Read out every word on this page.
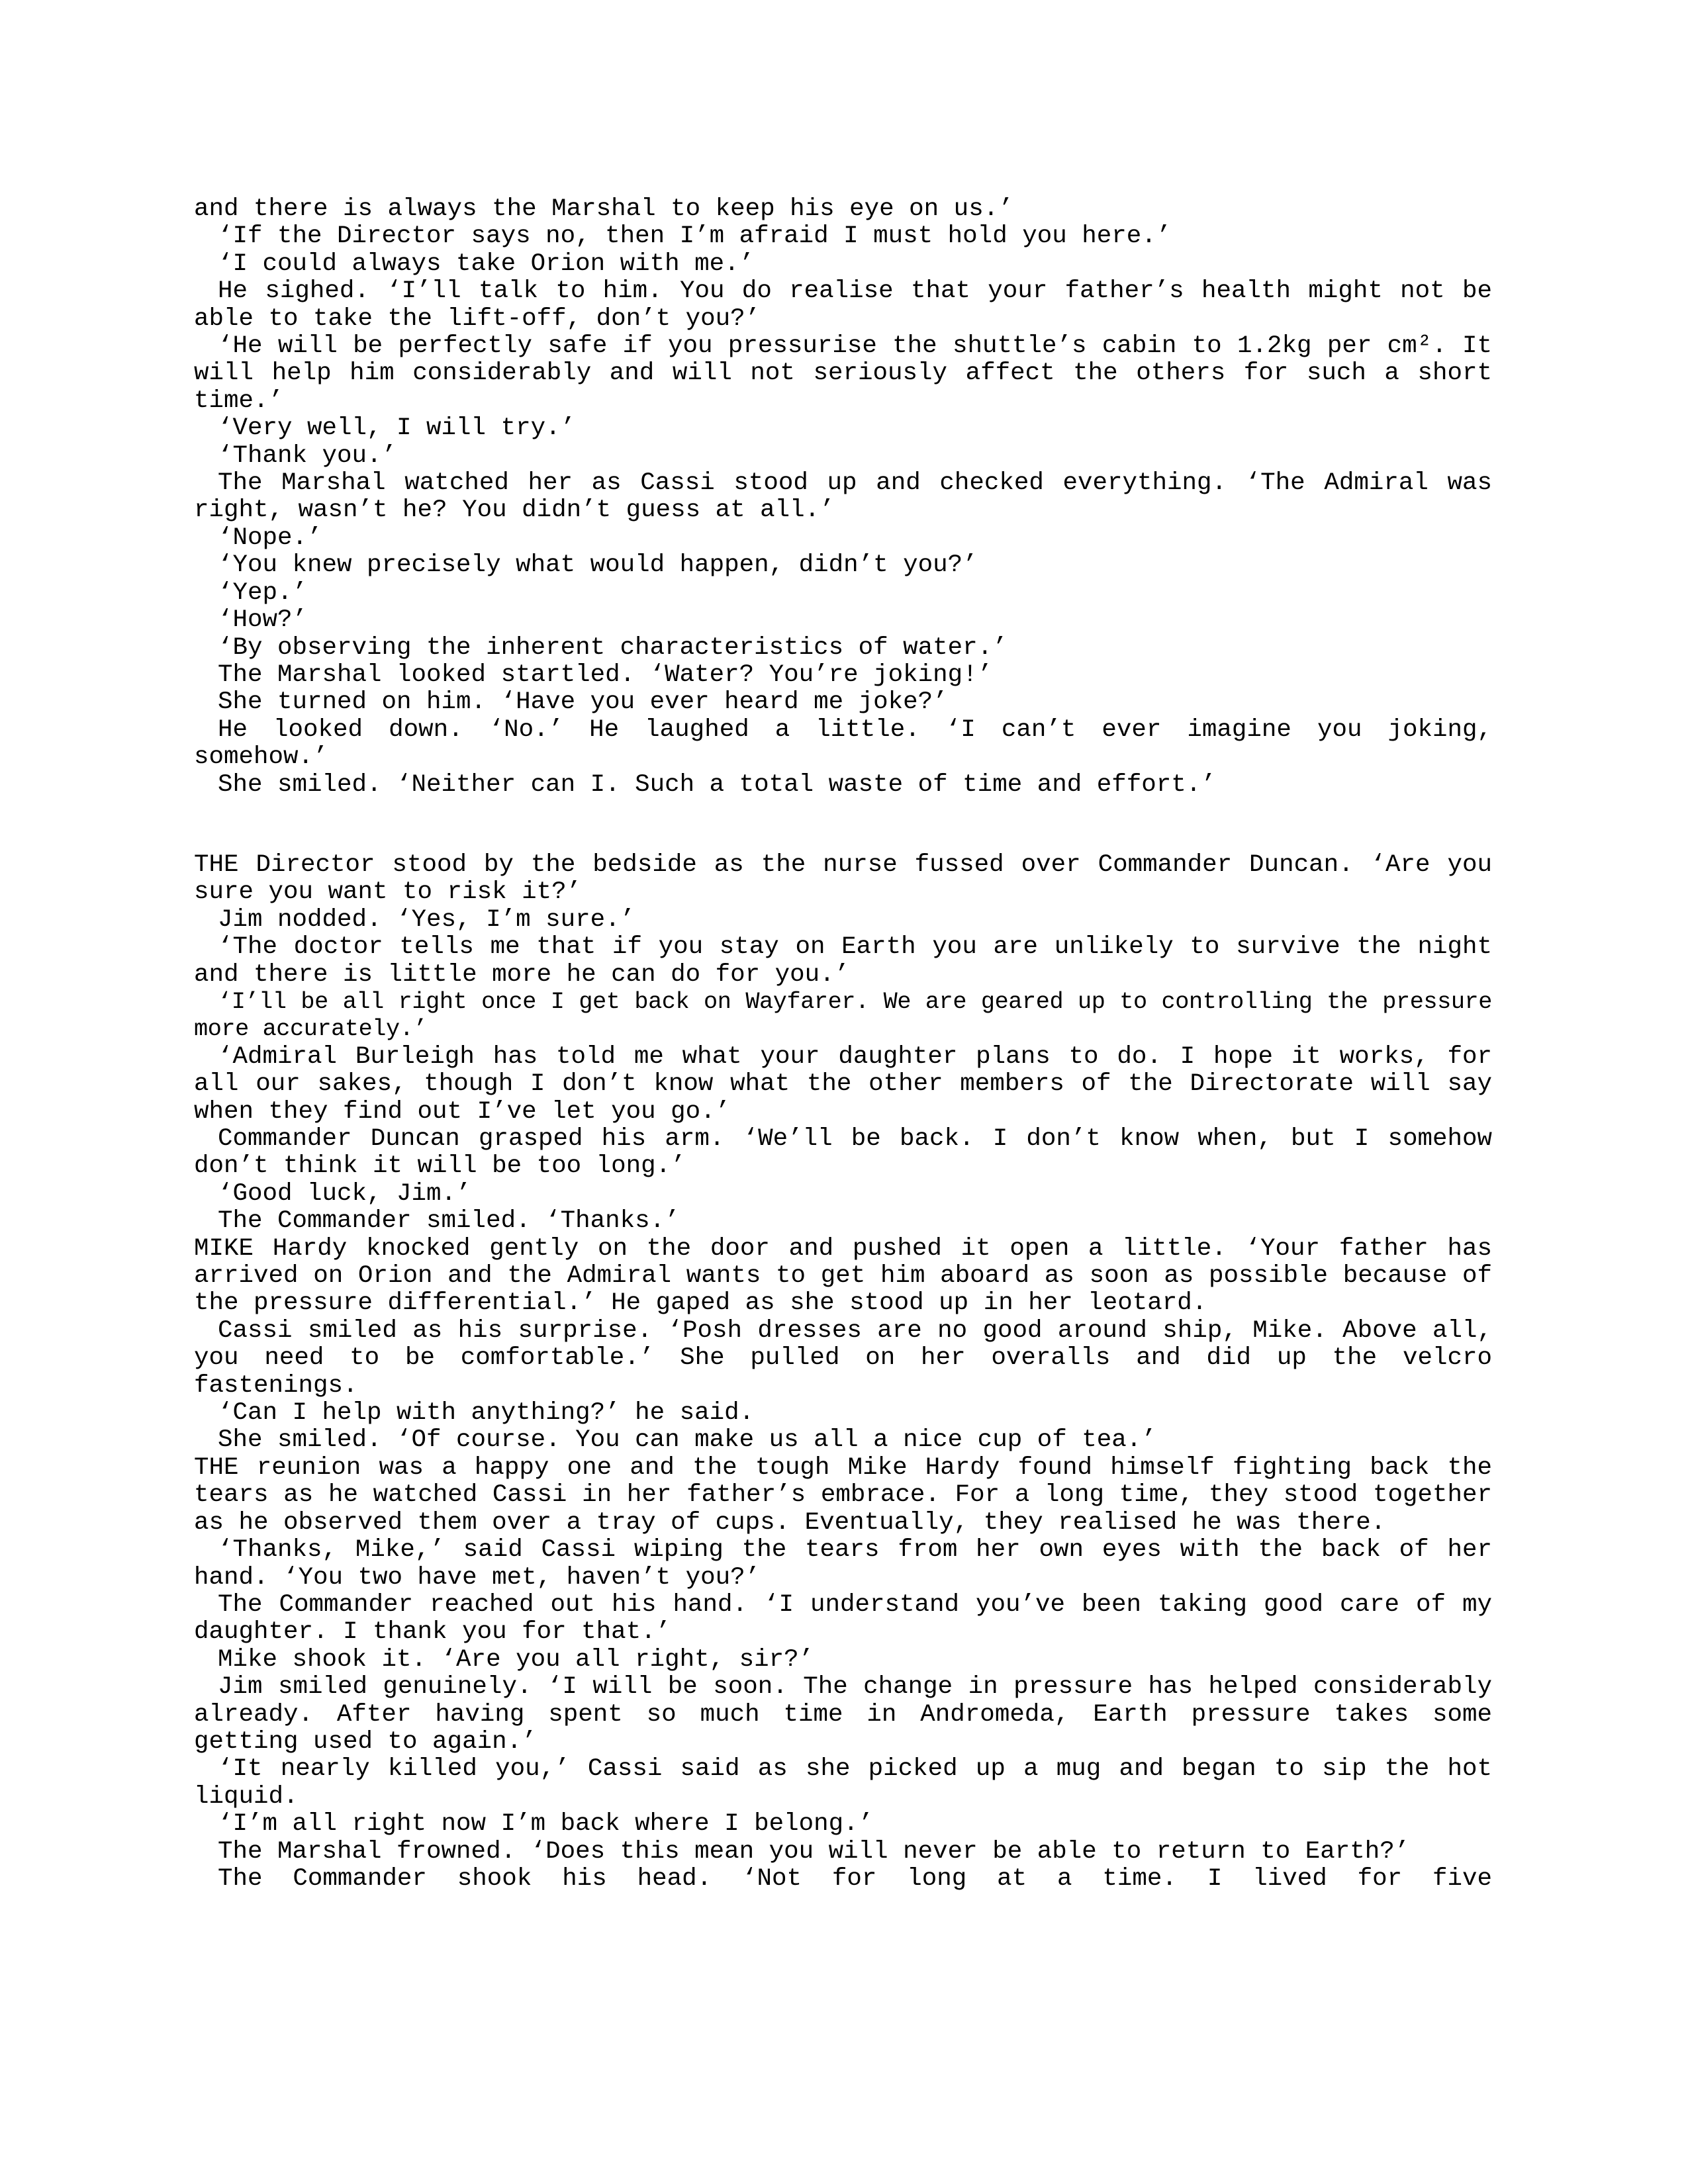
and there is always the Marshal to keep his eye on us.’

‘If the Director says no, then I’m afraid I must hold you here.’

‘I could always take Orion with me.’

He sighed. ‘I’ll talk to him. You do realise that your father’s health might not be able to take the lift-off, don’t you?’

‘He will be perfectly safe if you pressurise the shuttle’s cabin to 1.2kg per cm². It will help him considerably and will not seriously affect the others for such a short time.’

‘Very well, I will try.’

‘Thank you.’

The Marshal watched her as Cassi stood up and checked everything. ‘The Admiral was right, wasn’t he? You didn’t guess at all.’

‘Nope.’

‘You knew precisely what would happen, didn’t you?’

‘Yep.’

‘How?’

‘By observing the inherent characteristics of water.’

The Marshal looked startled. ‘Water? You’re joking!’

She turned on him. ‘Have you ever heard me joke?’

He looked down. ‘No.’ He laughed a little. ‘I can’t ever imagine you joking, somehow.’

She smiled. ‘Neither can I. Such a total waste of time and effort.’

THE Director stood by the bedside as the nurse fussed over Commander Duncan. ‘Are you sure you want to risk it?’

Jim nodded. ‘Yes, I’m sure.’

‘The doctor tells me that if you stay on Earth you are unlikely to survive the night and there is little more he can do for you.’

‘I’ll be all right once I get back on Wayfarer. We are geared up to controlling the pressure more accurately.’

‘Admiral Burleigh has told me what your daughter plans to do. I hope it works, for all our sakes, though I don’t know what the other members of the Directorate will say when they find out I’ve let you go.’

Commander Duncan grasped his arm. ‘We’ll be back. I don’t know when, but I somehow don’t think it will be too long.’

‘Good luck, Jim.’

The Commander smiled. ‘Thanks.’

MIKE Hardy knocked gently on the door and pushed it open a little. ‘Your father has arrived on Orion and the Admiral wants to get him aboard as soon as possible because of the pressure differential.’ He gaped as she stood up in her leotard.

Cassi smiled as his surprise. ‘Posh dresses are no good around ship, Mike. Above all, you need to be comfortable.’ She pulled on her overalls and did up the velcro fastenings.

‘Can I help with anything?’ he said.

She smiled. ‘Of course. You can make us all a nice cup of tea.’

THE reunion was a happy one and the tough Mike Hardy found himself fighting back the tears as he watched Cassi in her father’s embrace. For a long time, they stood together as he observed them over a tray of cups. Eventually, they realised he was there.

‘Thanks, Mike,’ said Cassi wiping the tears from her own eyes with the back of her hand. ‘You two have met, haven’t you?’

The Commander reached out his hand. ‘I understand you’ve been taking good care of my daughter. I thank you for that.’

Mike shook it. ‘Are you all right, sir?’

Jim smiled genuinely. ‘I will be soon. The change in pressure has helped considerably already. After having spent so much time in Andromeda, Earth pressure takes some getting used to again.’

‘It nearly killed you,’ Cassi said as she picked up a mug and began to sip the hot liquid.

‘I’m all right now I’m back where I belong.’

The Marshal frowned. ‘Does this mean you will never be able to return to Earth?’

The Commander shook his head. ‘Not for long at a time. I lived for five
